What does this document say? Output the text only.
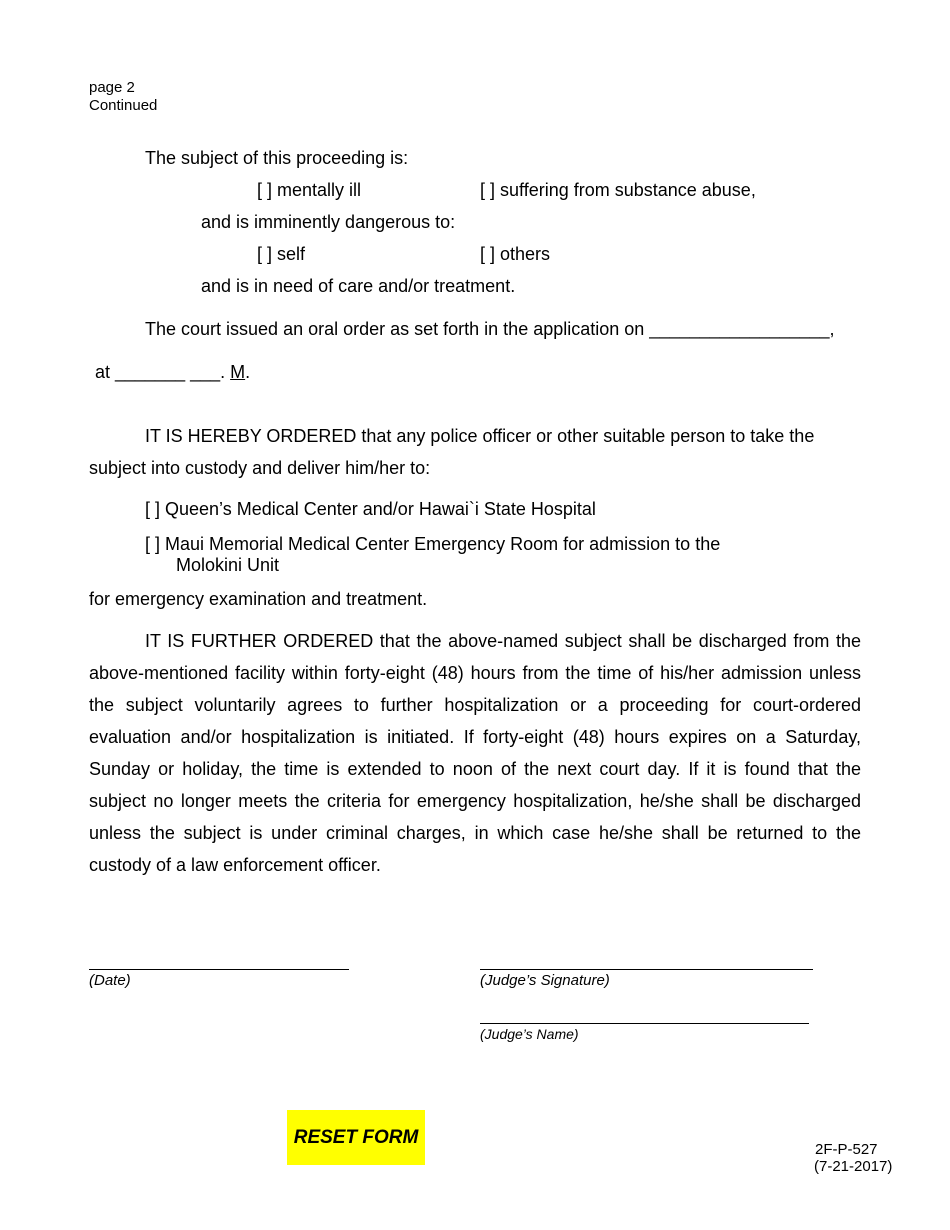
page 2
Continued
The subject of this proceeding is:
[ ] mentally ill	[ ] suffering from substance abuse,
and is imminently dangerous to:
[ ] self	[ ] others
and is in need of care and/or treatment.
The court issued an oral order as set forth in the application on __________________,
at _______ ___. M.
IT IS HEREBY ORDERED that any police officer or other suitable person to take the
subject into custody and deliver him/her to:
[ ] Queen’s Medical Center and/or Hawai`i State Hospital
[ ] Maui Memorial Medical Center Emergency Room for admission to the
Molokini Unit
for emergency examination and treatment.
IT IS FURTHER ORDERED that the above-named subject shall be discharged from the above-mentioned facility within forty-eight (48) hours from the time of his/her admission unless the subject voluntarily agrees to further hospitalization or a proceeding for court-ordered evaluation and/or hospitalization is initiated. If forty-eight (48) hours expires on a Saturday, Sunday or holiday, the time is extended to noon of the next court day. If it is found that the subject no longer meets the criteria for emergency hospitalization, he/she shall be discharged unless the subject is under criminal charges, in which case he/she shall be returned to the custody of a law enforcement officer.
(Date)	(Judge’s Signature)
(Judge’s Name)
RESET FORM
2F-P-527
(7-21-2017)
